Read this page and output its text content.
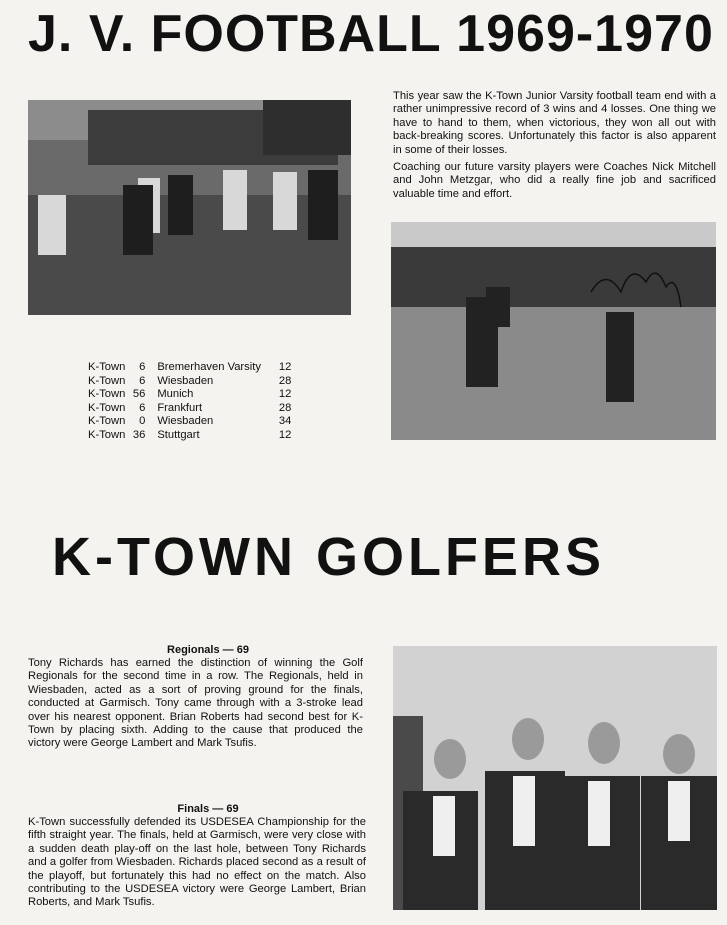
J. V. FOOTBALL 1969-1970

This year saw the K-Town Junior Varsity football team end with a rather unimpressive record of 3 wins and 4 losses. One thing we have to hand to them, when victorious, they won all out with back-breaking scores. Unfortunately this factor is also apparent in some of their losses.

Coaching our future varsity players were Coaches Nick Mitchell and John Metzgar, who did a really fine job and sacrificed valuable time and effort.

K-Town	6	Bremerhaven Varsity	12
K-Town	6	Wiesbaden	28
K-Town	56	Munich	12
K-Town	6	Frankfurt	28
K-Town	0	Wiesbaden	34
K-Town	36	Stuttgart	12
K-TOWN GOLFERS
Regionals — 69
Tony Richards has earned the distinction of winning the Golf Regionals for the second time in a row. The Regionals, held in Wiesbaden, acted as a sort of proving ground for the finals, conducted at Garmisch. Tony came through with a 3-stroke lead over his nearest opponent. Brian Roberts had second best for K-Town by placing sixth. Adding to the cause that produced the victory were George Lambert and Mark Tsufis.
Finals — 69
K-Town successfully defended its USDESEA Championship for the fifth straight year. The finals, held at Garmisch, were very close with a sudden death play-off on the last hole, between Tony Richards and a golfer from Wiesbaden. Richards placed second as a result of the playoff, but fortunately this had no effect on the match. Also contributing to the USDESEA victory were George Lambert, Brian Roberts, and Mark Tsufis.
